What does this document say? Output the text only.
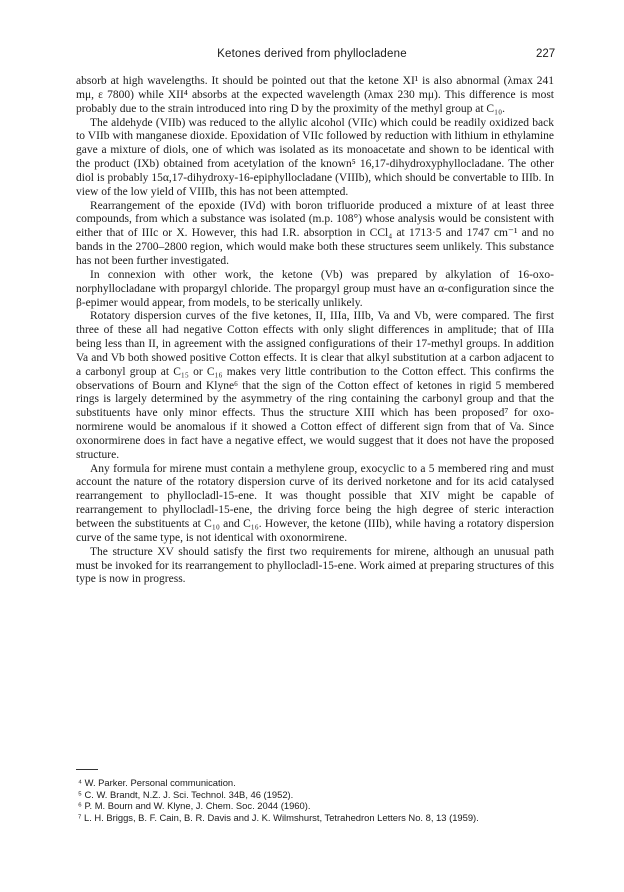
Ketones derived from phyllocladene	227

absorb at high wavelengths. It should be pointed out that the ketone XI¹ is also abnormal (λmax 241 mμ, ε 7800) while XII⁴ absorbs at the expected wavelength (λmax 230 mμ). This difference is most probably due to the strain introduced into ring D by the proximity of the methyl group at C₁₀.

The aldehyde (VIIb) was reduced to the allylic alcohol (VIIc) which could be readily oxidized back to VIIb with manganese dioxide. Epoxidation of VIIc followed by reduction with lithium in ethylamine gave a mixture of diols, one of which was isolated as its monoacetate and shown to be identical with the product (IXb) obtained from acetylation of the known⁵ 16,17-dihydroxyphyllocladane. The other diol is probably 15α,17-dihydroxy-16-epiphyllocladane (VIIIb), which should be convertable to IIIb. In view of the low yield of VIIIb, this has not been attempted.

Rearrangement of the epoxide (IVd) with boron trifluoride produced a mixture of at least three compounds, from which a substance was isolated (m.p. 108°) whose analysis would be consistent with either that of IIIc or X. However, this had I.R. absorption in CCl₄ at 1713·5 and 1747 cm⁻¹ and no bands in the 2700–2800 region, which would make both these structures seem unlikely. This substance has not been further investigated.

In connexion with other work, the ketone (Vb) was prepared by alkylation of 16-oxo-norphyllocladane with propargyl chloride. The propargyl group must have an α-configuration since the β-epimer would appear, from models, to be sterically unlikely.

Rotatory dispersion curves of the five ketones, II, IIIa, IIIb, Va and Vb, were compared. The first three of these all had negative Cotton effects with only slight differences in amplitude; that of IIIa being less than II, in agreement with the assigned configurations of their 17-methyl groups. In addition Va and Vb both showed positive Cotton effects. It is clear that alkyl substitution at a carbon adjacent to a carbonyl group at C₁₅ or C₁₆ makes very little contribution to the Cotton effect. This confirms the observations of Bourn and Klyne⁶ that the sign of the Cotton effect of ketones in rigid 5 membered rings is largely determined by the asymmetry of the ring containing the carbonyl group and that the substituents have only minor effects. Thus the structure XIII which has been proposed⁷ for oxo-normirene would be anomalous if it showed a Cotton effect of different sign from that of Va. Since oxonormirene does in fact have a negative effect, we would suggest that it does not have the proposed structure.

Any formula for mirene must contain a methylene group, exocyclic to a 5 membered ring and must account the nature of the rotatory dispersion curve of its derived norketone and for its acid catalysed rearrangement to phyllocladl-15-ene. It was thought possible that XIV might be capable of rearrangement to phyllocladl-15-ene, the driving force being the high degree of steric interaction between the substituents at C₁₀ and C₁₆. However, the ketone (IIIb), while having a rotatory dispersion curve of the same type, is not identical with oxonormirene.

The structure XV should satisfy the first two requirements for mirene, although an unusual path must be invoked for its rearrangement to phyllocladl-15-ene. Work aimed at preparing structures of this type is now in progress.

⁴ W. Parker. Personal communication.
⁵ C. W. Brandt, N.Z. J. Sci. Technol. 34B, 46 (1952).
⁶ P. M. Bourn and W. Klyne, J. Chem. Soc. 2044 (1960).
⁷ L. H. Briggs, B. F. Cain, B. R. Davis and J. K. Wilmshurst, Tetrahedron Letters No. 8, 13 (1959).
